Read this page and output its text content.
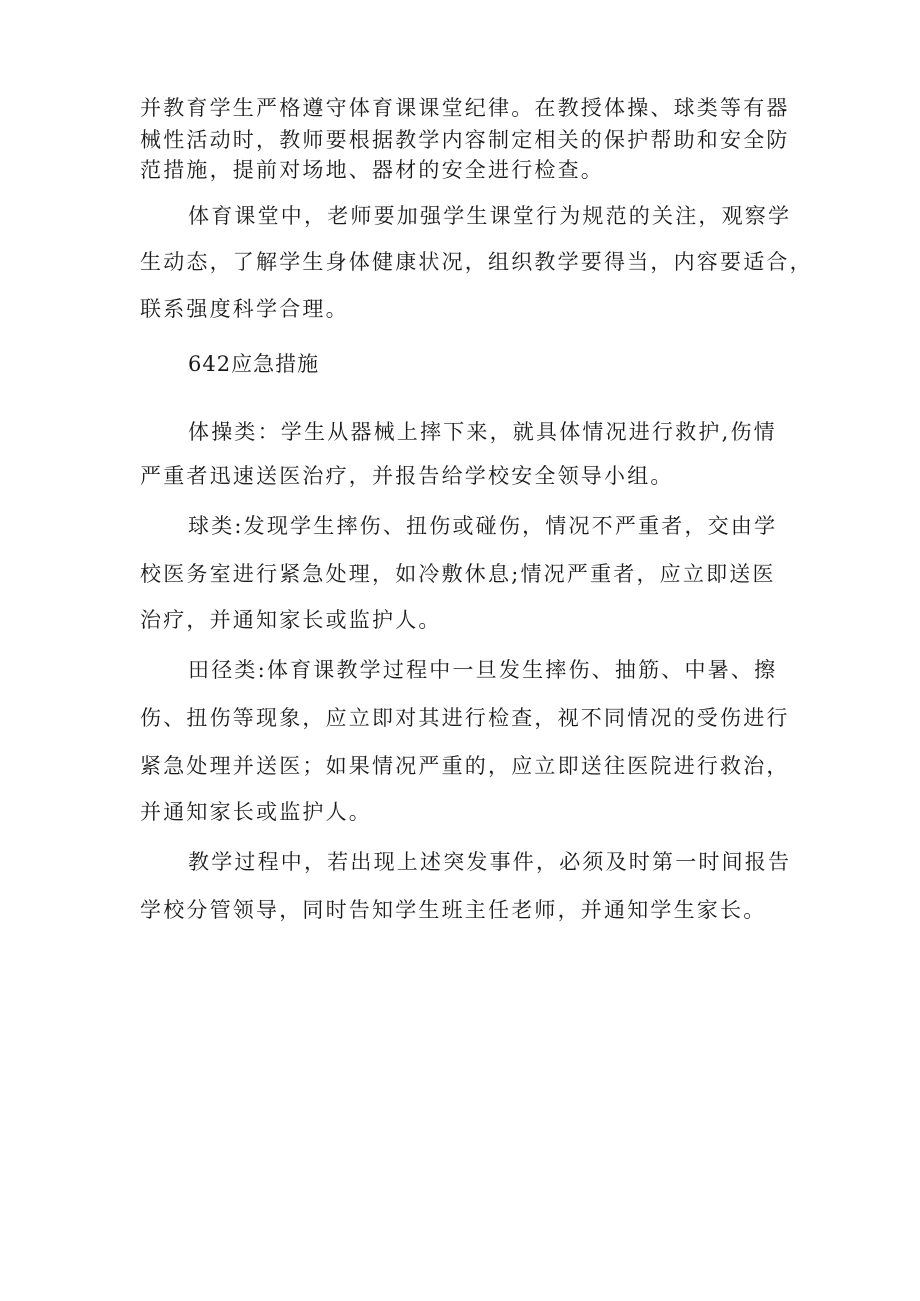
并教育学生严格遵守体育课课堂纪律。在教授体操、球类等有器
械性活动时，教师要根据教学内容制定相关的保护帮助和安全防
范措施，提前对场地、器材的安全进行检查。
体育课堂中，老师要加强学生课堂行为规范的关注，观察学
生动态，了解学生身体健康状况，组织教学要得当，内容要适合，
联系强度科学合理。
642应急措施
体操类：学生从器械上摔下来，就具体情况进行救护,伤情
严重者迅速送医治疗，并报告给学校安全领导小组。
球类:发现学生摔伤、扭伤或碰伤，情况不严重者，交由学
校医务室进行紧急处理，如冷敷休息;情况严重者，应立即送医
治疗，并通知家长或监护人。
田径类:体育课教学过程中一旦发生摔伤、抽筋、中暑、擦
伤、扭伤等现象，应立即对其进行检查，视不同情况的受伤进行
紧急处理并送医；如果情况严重的，应立即送往医院进行救治，
并通知家长或监护人。
教学过程中，若出现上述突发事件，必须及时第一时间报告
学校分管领导，同时告知学生班主任老师，并通知学生家长。
